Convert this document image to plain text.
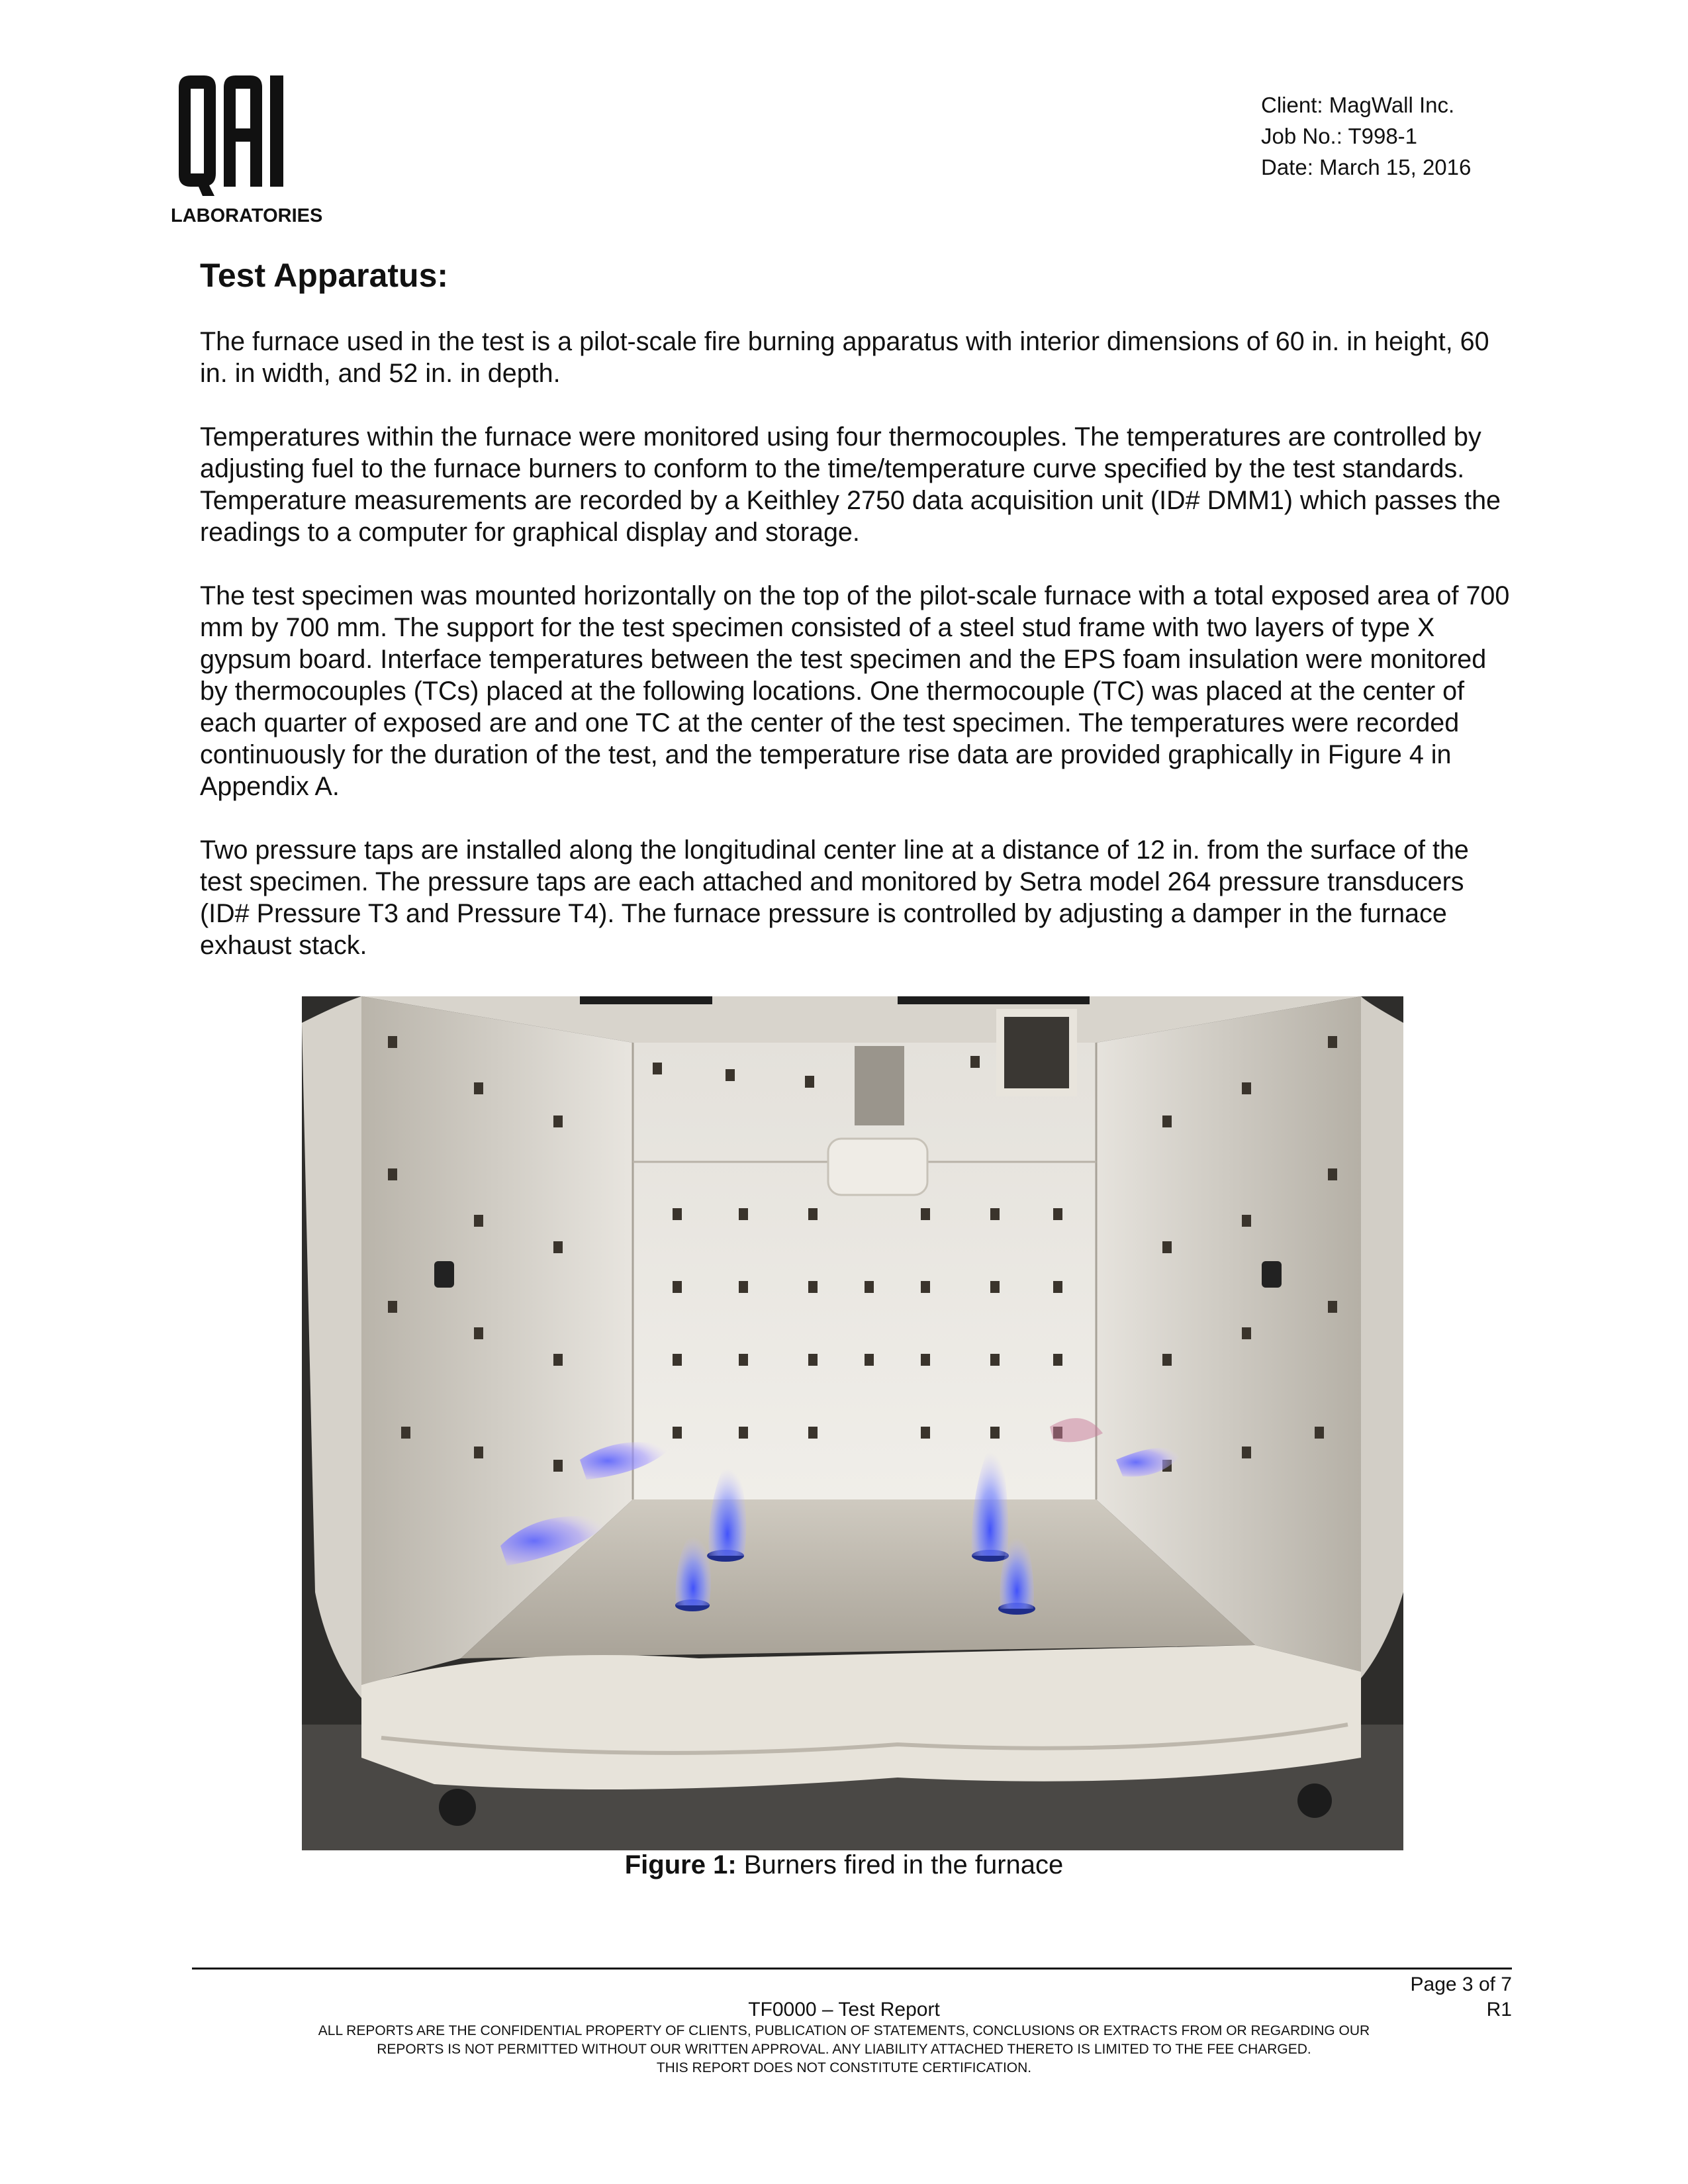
LABORATORIES
Client: MagWall Inc.
Job No.: T998-1
Date: March 15, 2016
Test Apparatus:

The furnace used in the test is a pilot-scale fire burning apparatus with interior dimensions of 60 in. in height, 60 in. in width, and 52 in. in depth.

Temperatures within the furnace were monitored using four thermocouples. The temperatures are controlled by adjusting fuel to the furnace burners to conform to the time/temperature curve specified by the test standards. Temperature measurements are recorded by a Keithley 2750 data acquisition unit (ID# DMM1) which passes the readings to a computer for graphical display and storage.

The test specimen was mounted horizontally on the top of the pilot-scale furnace with a total exposed area of 700 mm by 700 mm. The support for the test specimen consisted of a steel stud frame with two layers of type X gypsum board. Interface temperatures between the test specimen and the EPS foam insulation were monitored by thermocouples (TCs) placed at the following locations. One thermocouple (TC) was placed at the center of each quarter of exposed are and one TC at the center of the test specimen. The temperatures were recorded continuously for the duration of the test, and the temperature rise data are provided graphically in Figure 4 in Appendix A.

Two pressure taps are installed along the longitudinal center line at a distance of 12 in. from the surface of the test specimen. The pressure taps are each attached and monitored by Setra model 264 pressure transducers (ID# Pressure T3 and Pressure T4). The furnace pressure is controlled by adjusting a damper in the furnace exhaust stack.

Figure 1: Burners fired in the furnace
Page 3 of 7
TF0000 – Test Report	R1
ALL REPORTS ARE THE CONFIDENTIAL PROPERTY OF CLIENTS, PUBLICATION OF STATEMENTS, CONCLUSIONS OR EXTRACTS FROM OR REGARDING OUR
REPORTS IS NOT PERMITTED WITHOUT OUR WRITTEN APPROVAL. ANY LIABILITY ATTACHED THERETO IS LIMITED TO THE FEE CHARGED.
THIS REPORT DOES NOT CONSTITUTE CERTIFICATION.
